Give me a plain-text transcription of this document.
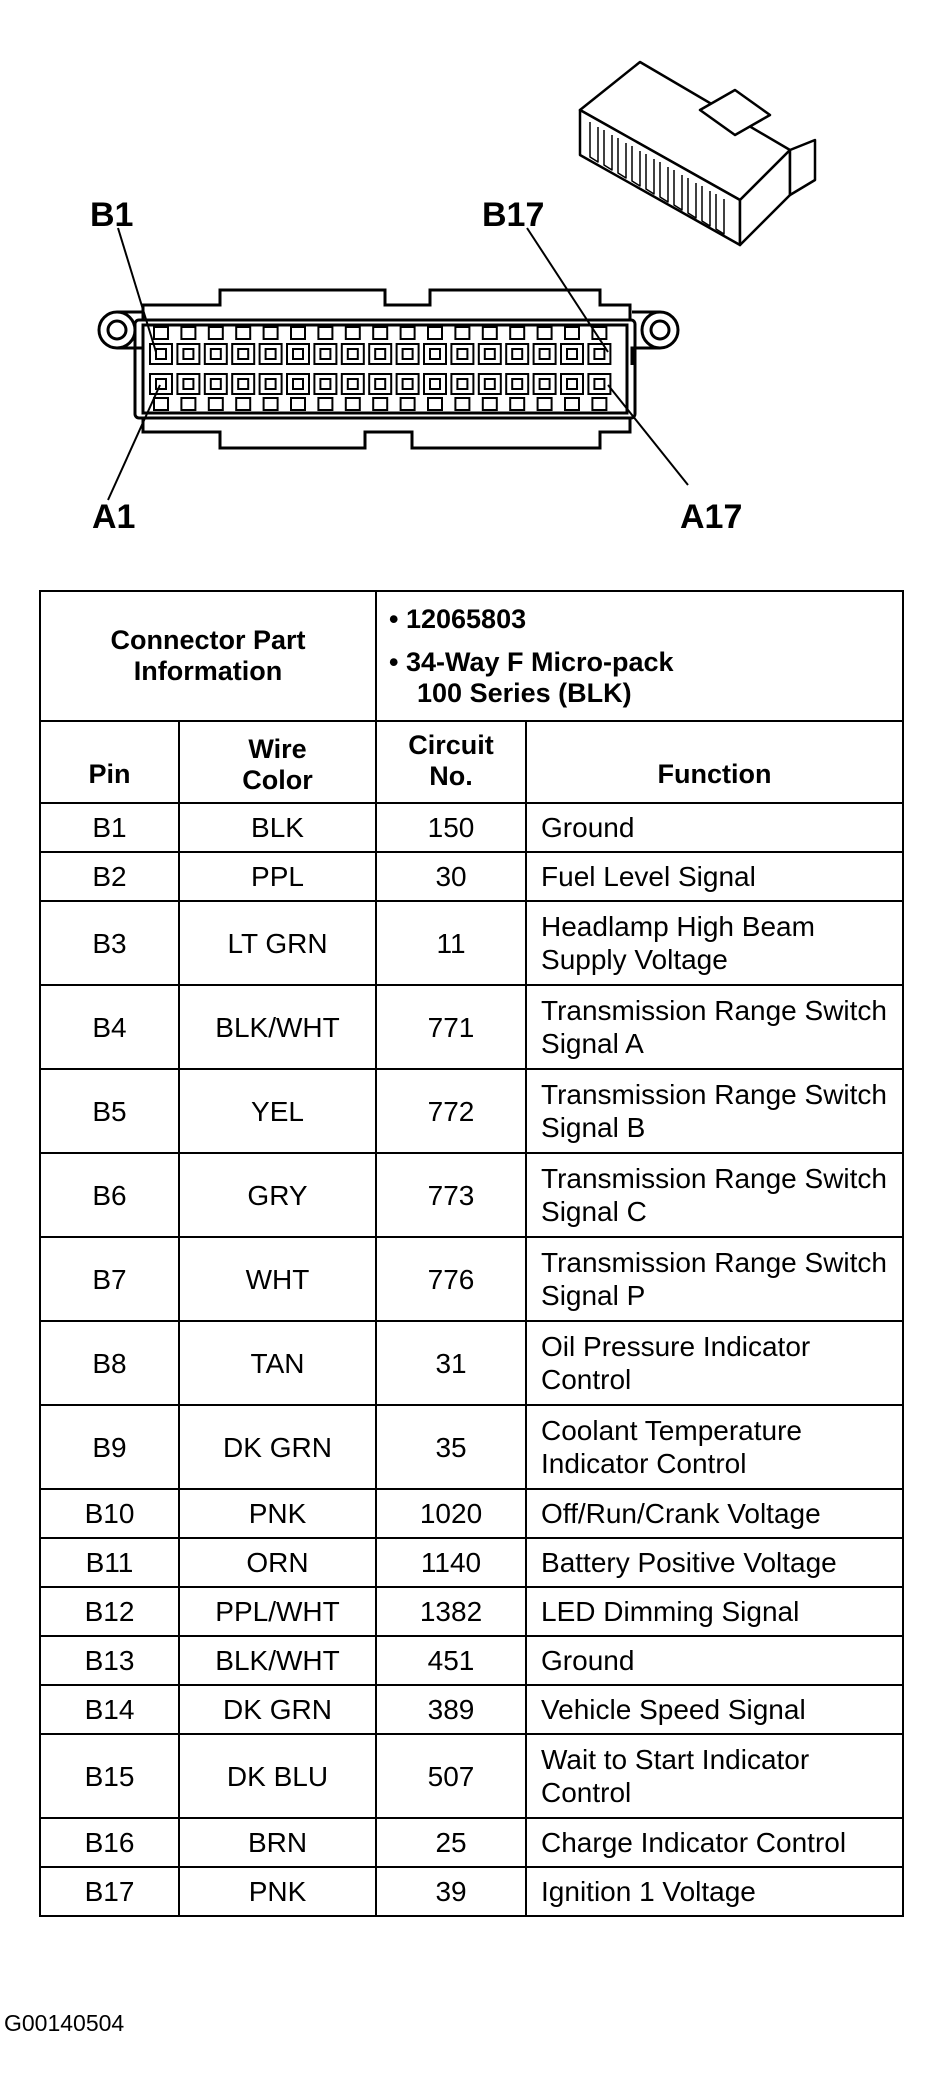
B1	B17
A1	A17
Connector Part Information		• 12065803
• 34-Way F Micro-pack
100 Series (BLK)	

Pin	Wire Color	Circuit No.	Function
B1	BLK	150	Ground
B2	PPL	30	Fuel Level Signal
B3	LT GRN	11	Headlamp High Beam Supply Voltage
B4	BLK/WHT	771	Transmission Range Switch Signal A
B5	YEL	772	Transmission Range Switch Signal B
B6	GRY	773	Transmission Range Switch Signal C
B7	WHT	776	Transmission Range Switch Signal P
B8	TAN	31	Oil Pressure Indicator Control
B9	DK GRN	35	Coolant Temperature Indicator Control
B10	PNK	1020	Off/Run/Crank Voltage
B11	ORN	1140	Battery Positive Voltage
B12	PPL/WHT	1382	LED Dimming Signal
B13	BLK/WHT	451	Ground
B14	DK GRN	389	Vehicle Speed Signal
B15	DK BLU	507	Wait to Start Indicator Control
B16	BRN	25	Charge Indicator Control
B17	PNK	39	Ignition 1 Voltage
G00140504
